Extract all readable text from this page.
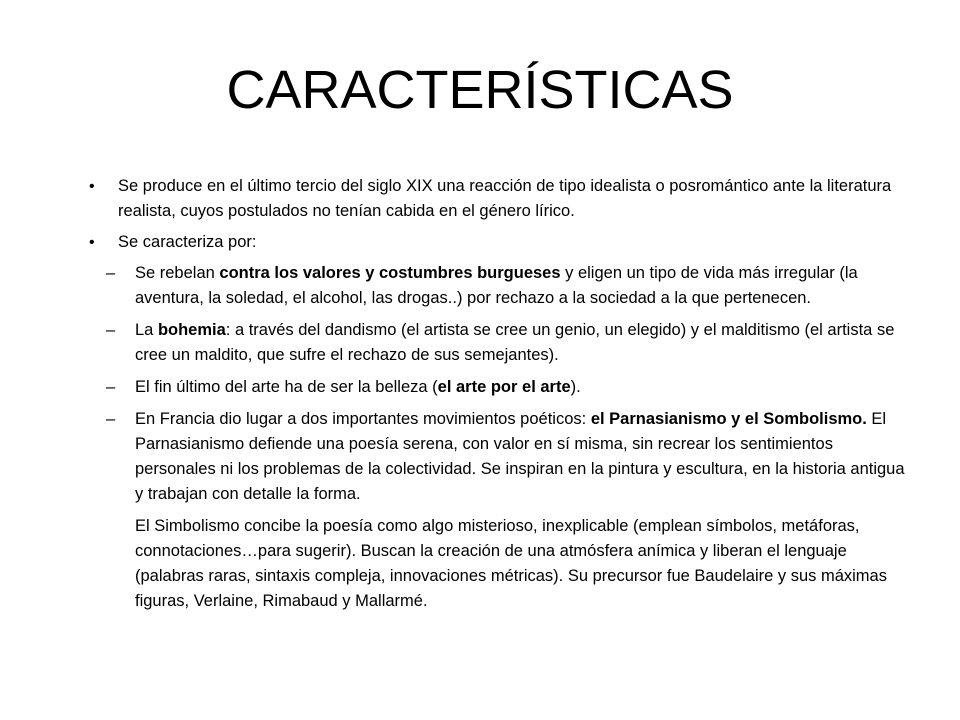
CARACTERÍSTICAS

• Se produce en el último tercio del siglo XIX una reacción de tipo idealista o posromántico ante la literatura realista, cuyos postulados no tenían cabida en el género lírico.

• Se caracteriza por:

– Se rebelan contra los valores y costumbres burgueses y eligen un tipo de vida más irregular (la aventura, la soledad, el alcohol, las drogas..) por rechazo a la sociedad a la que pertenecen.

– La bohemia: a través del dandismo (el artista se cree un genio, un elegido) y el malditismo (el artista se cree un maldito, que sufre el rechazo de sus semejantes).

– El fin último del arte ha de ser la belleza (el arte por el arte).

– En Francia dio lugar a dos importantes movimientos poéticos: el Parnasianismo y el Sombolismo. El Parnasianismo defiende una poesía serena, con valor en sí misma, sin recrear los sentimientos personales ni los problemas de la colectividad. Se inspiran en la pintura y escultura, en la historia antigua y trabajan con detalle la forma.

El Simbolismo concibe la poesía como algo misterioso, inexplicable (emplean símbolos, metáforas, connotaciones…para sugerir). Buscan la creación de una atmósfera anímica y liberan el lenguaje (palabras raras, sintaxis compleja, innovaciones métricas). Su precursor fue Baudelaire y sus máximas figuras, Verlaine, Rimabaud y Mallarmé.
